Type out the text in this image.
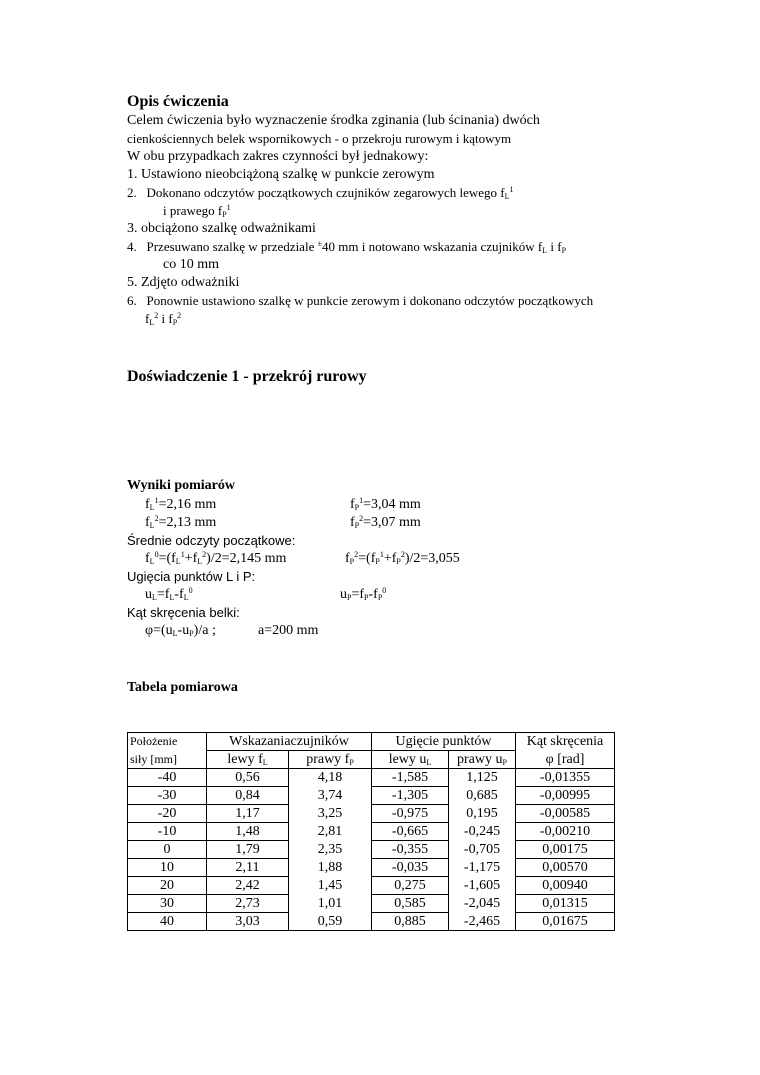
Opis ćwiczenia
Celem ćwiczenia było wyznaczenie środka zginania (lub ścinania) dwóch
cienkościennych belek wspornikowych - o przekroju rurowym i kątowym
W obu przypadkach zakres czynności był jednakowy:
1. Ustawiono nieobciążoną szalkę w punkcie zerowym
2. Dokonano odczytów początkowych czujników zegarowych lewego $f_L^1$
i prawego $f_P^1$
3. obciążono szalkę odważnikami
4. Przesuwano szalkę w przedziale ±40 mm i notowano wskazania czujników $f_L$ i $f_P$
co 10 mm
5. Zdjęto odważniki
6. Ponownie ustawiono szalkę w punkcie zerowym i dokonano odczytów początkowych
$f_L^2$ i $f_P^2$
Doświadczenie 1 - przekrój rurowy
Wyniki pomiarów
$f_L^1=2,16$ mm	$f_P^1=3,04$ mm
$f_L^2=2,13$ mm	$f_P^2=3,07$ mm
Średnie odczyty początkowe:
$f_L^0=(f_L^1+f_L^2)/2=2,145$ mm	$f_P^2=(f_P^1+f_P^2)/2=3,055$
Ugięcia punktów L i P:
$u_L=f_L-f_L^0$	$u_P=f_P-f_P^0$
Kąt skręcenia belki:
$\varphi=(u_L-u_P)/a$ ;	a=200 mm
Tabela pomiarowa
Położenie	Wskazaniaczujników		Ugięcie punktów		Kąt skręcenia
siły [mm]	lewy $f_L$	prawy $f_P$	lewy $u_L$	prawy $u_P$	φ [rad]
-40	0,56	4,18	-1,585	1,125	-0,01355
-30	0,84	3,74	-1,305	0,685	-0,00995
-20	1,17	3,25	-0,975	0,195	-0,00585
-10	1,48	2,81	-0,665	-0,245	-0,00210
0	1,79	2,35	-0,355	-0,705	0,00175
10	2,11	1,88	-0,035	-1,175	0,00570
20	2,42	1,45	0,275	-1,605	0,00940
30	2,73	1,01	0,585	-2,045	0,01315
40	3,03	0,59	0,885	-2,465	0,01675
